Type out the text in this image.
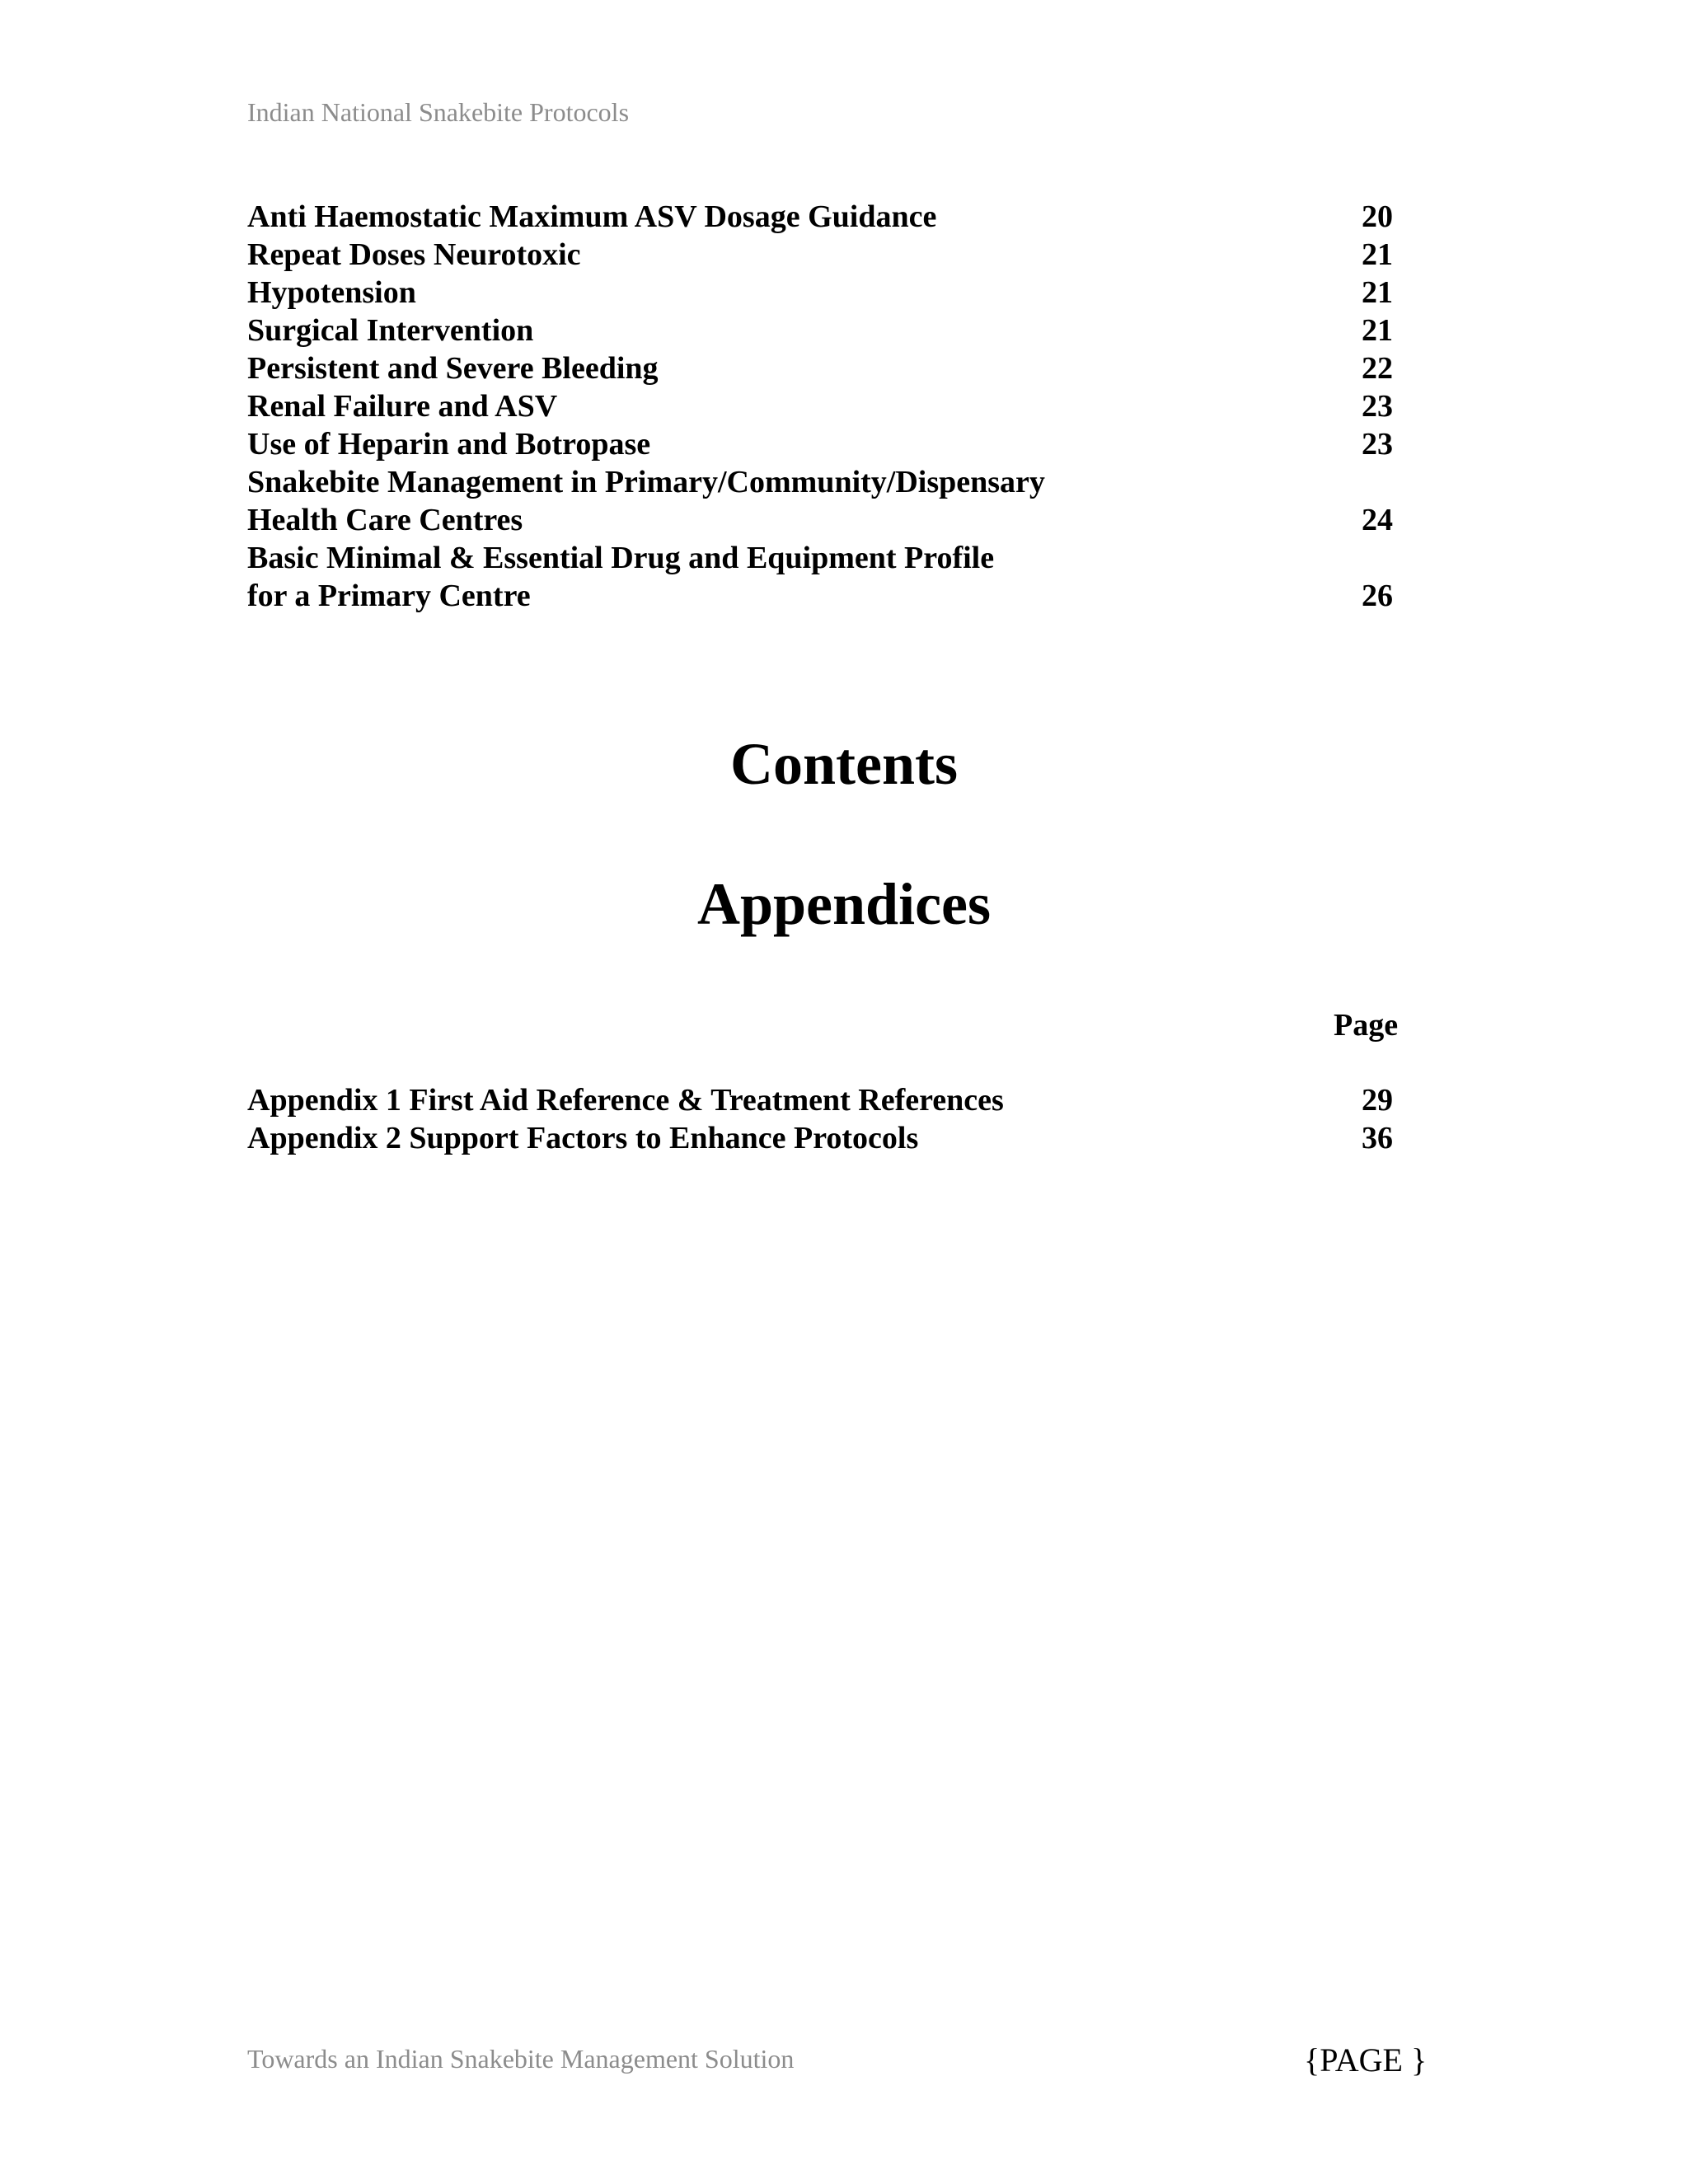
Indian National Snakebite Protocols
Anti Haemostatic Maximum ASV Dosage Guidance	20
Repeat Doses Neurotoxic	21
Hypotension	21
Surgical Intervention	21
Persistent and Severe Bleeding	22
Renal Failure and ASV	23
Use of Heparin and Botropase	23
Snakebite Management in Primary/Community/Dispensary
Health Care Centres	24
Basic Minimal & Essential Drug and Equipment Profile
for a Primary Centre	26
Contents
Appendices
Page
Appendix 1 First Aid Reference & Treatment References	29
Appendix 2 Support Factors to Enhance Protocols	36
Towards an Indian Snakebite Management Solution	{PAGE }
